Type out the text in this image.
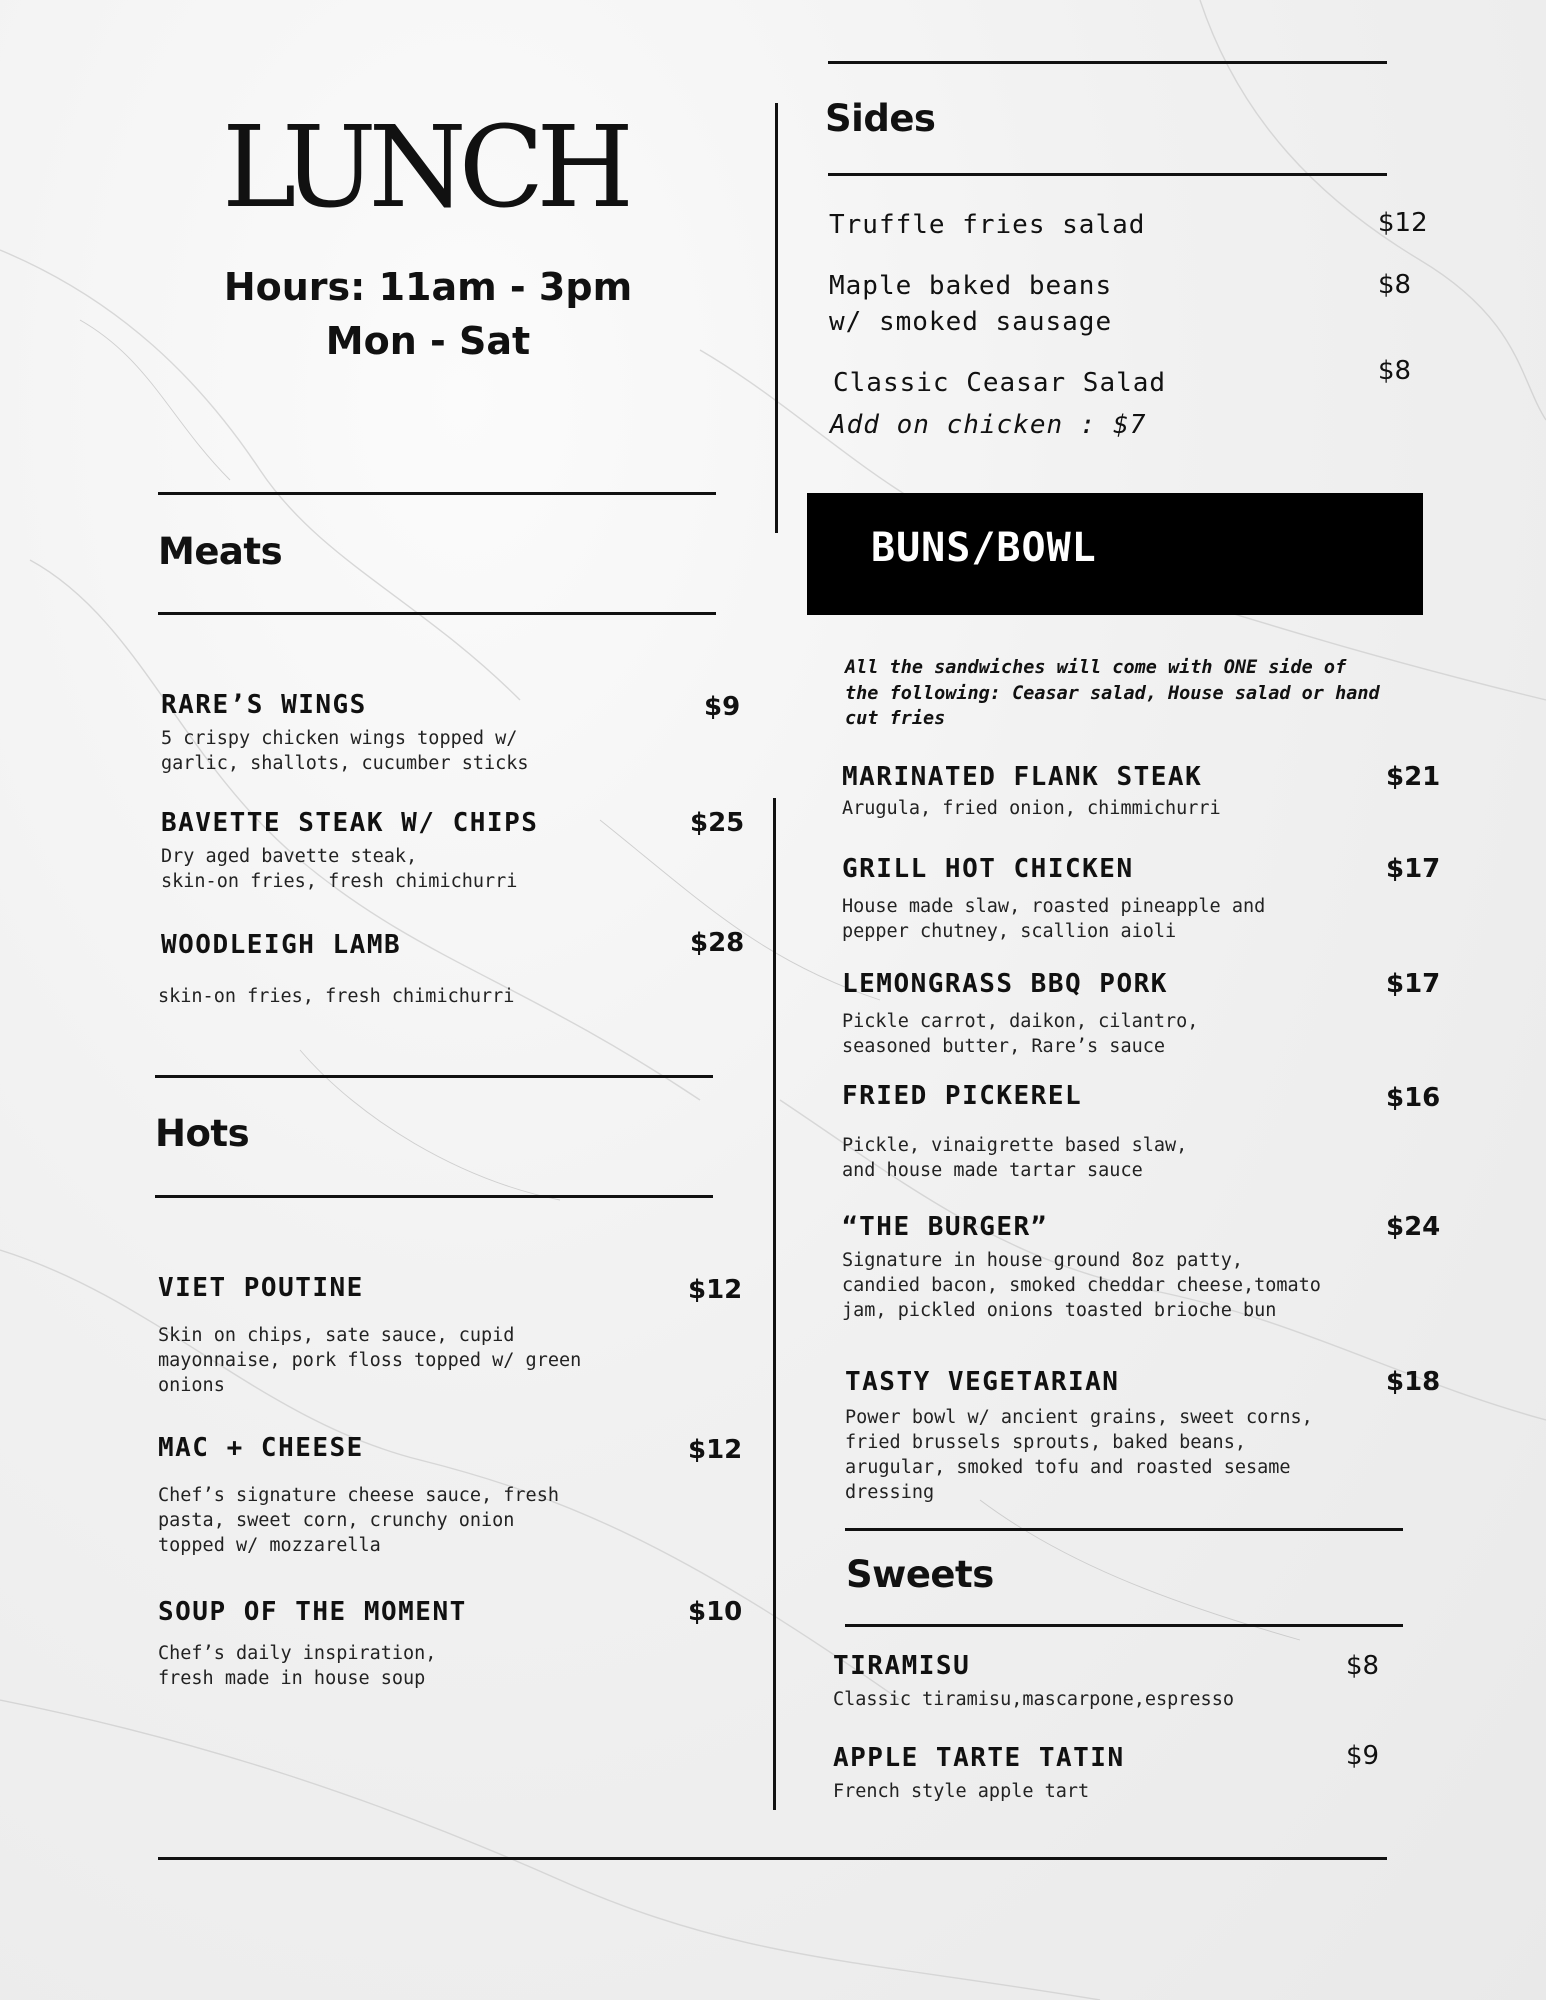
LUNCH
Hours: 11am - 3pm
Mon - Sat
Meats
RARE’S WINGS
5 crispy chicken wings topped w/
garlic, shallots, cucumber sticks
$9
BAVETTE STEAK W/ CHIPS
Dry aged bavette steak,
skin-on fries, fresh chimichurri
$25
WOODLEIGH LAMB
skin-on fries, fresh chimichurri
$28
Hots
VIET POUTINE
Skin on chips, sate sauce, cupid
mayonnaise, pork floss topped w/ green
onions
$12
MAC + CHEESE
Chef’s signature cheese sauce, fresh
pasta, sweet corn, crunchy onion
topped w/ mozzarella
$12
SOUP OF THE MOMENT
Chef’s daily inspiration,
fresh made in house soup
$10
Sides
Truffle fries salad	$12
Maple baked beans
w/ smoked sausage
$8
Classic Ceasar Salad	$8
Add on chicken : $7
BUNS/BOWL
All the sandwiches will come with ONE side of
the following: Ceasar salad, House salad or hand
cut fries
MARINATED FLANK STEAK
Arugula, fried onion, chimmichurri
$21
GRILL HOT CHICKEN
House made slaw, roasted pineapple and
pepper chutney, scallion aioli
$17
LEMONGRASS BBQ PORK
Pickle carrot, daikon, cilantro,
seasoned butter, Rare’s sauce
$17
FRIED PICKEREL
Pickle, vinaigrette based slaw,
and house made tartar sauce
$16
“THE BURGER”
Signature in house ground 8oz patty,
candied bacon, smoked cheddar cheese,tomato
jam, pickled onions toasted brioche bun
$24
TASTY VEGETARIAN
Power bowl w/ ancient grains, sweet corns,
fried brussels sprouts, baked beans,
arugular, smoked tofu and roasted sesame
dressing
$18
Sweets
TIRAMISU
Classic tiramisu,mascarpone,espresso
$8
APPLE TARTE TATIN
French style apple tart
$9
